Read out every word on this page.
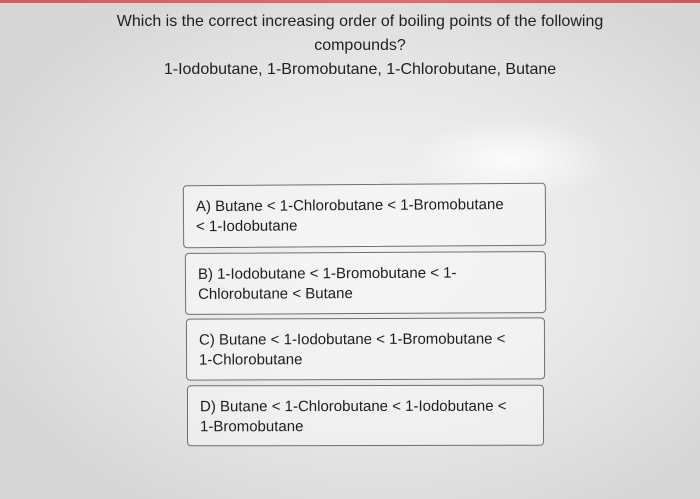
Which is the correct increasing order of boiling points of the following
compounds?
1-Iodobutane, 1-Bromobutane, 1-Chlorobutane, Butane
A) Butane < 1-Chlorobutane < 1-Bromobutane
< 1-Iodobutane
B) 1-Iodobutane < 1-Bromobutane < 1-
Chlorobutane < Butane
C) Butane < 1-Iodobutane < 1-Bromobutane <
1-Chlorobutane
D) Butane < 1-Chlorobutane < 1-Iodobutane <
1-Bromobutane
